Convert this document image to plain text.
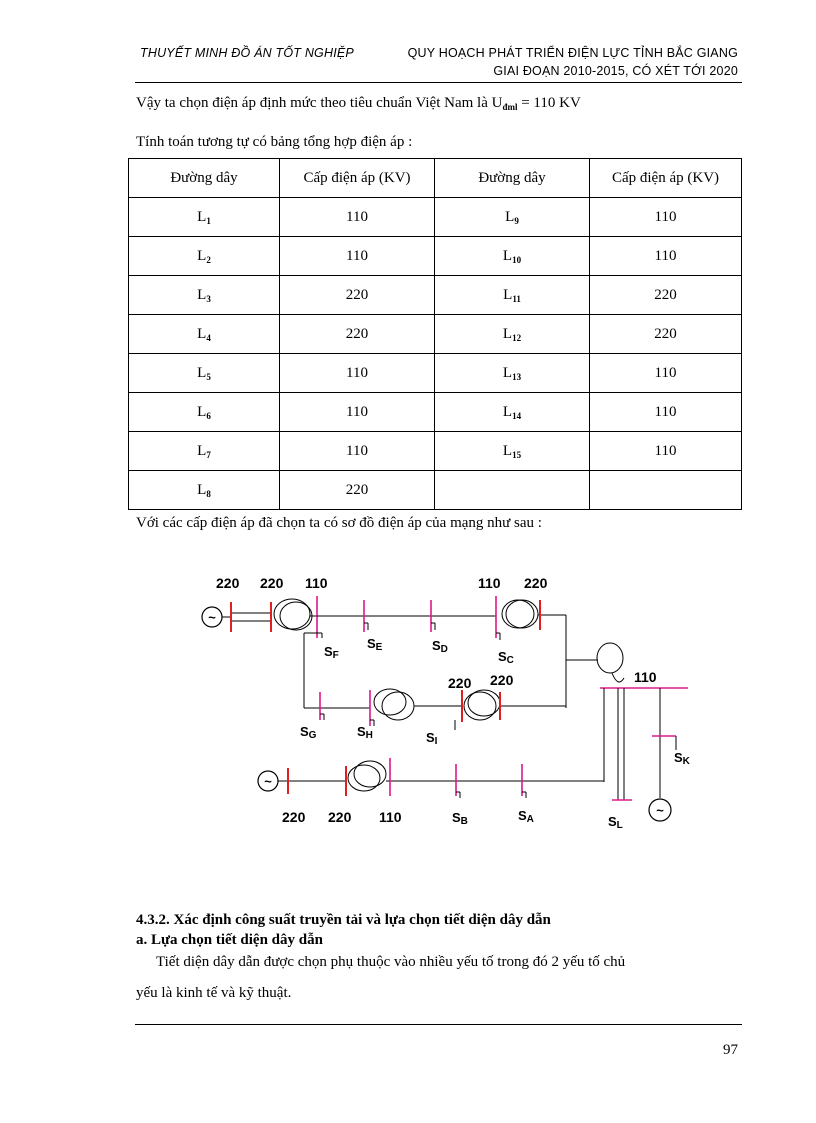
THUYẾT MINH ĐỒ ÁN TỐT NGHIỆP	QUY HOẠCH PHÁT TRIỂN ĐIỆN LỰC TỈNH BẮC GIANG
GIAI ĐOẠN 2010-2015, CÓ XÉT TỚI 2020
Vậy ta chọn điện áp định mức theo tiêu chuẩn Việt Nam là $U_{đml} = 110$ KV
Tính toán tương tự có bảng tổng hợp điện áp :
Đường dây	Cấp điện áp (KV)	Đường dây	Cấp điện áp (KV)
$L_1$	110	$L_9$	110
$L_2$	110	$L_{10}$	110
$L_3$	220	$L_{11}$	220
$L_4$	220	$L_{12}$	220
$L_5$	110	$L_{13}$	110
$L_6$	110	$L_{14}$	110
$L_7$	110	$L_{15}$	110
$L_8$	220		
Với các cấp điện áp đã chọn ta có sơ đồ điện áp của mạng như sau :
~
~
~
220 220 110	110 220
220 220	110
220 220 110
SF
SE	SD	SC
SG	SH	SI
SK
SB	SA	SL
4.3.2. Xác định công suất truyền tải và lựa chọn tiết diện dây dẫn
a. Lựa chọn tiết diện dây dẫn
Tiết diện dây dẫn được chọn phụ thuộc vào nhiều yếu tố trong đó 2 yếu tố chủ
yếu là kinh tế và kỹ thuật.
97
